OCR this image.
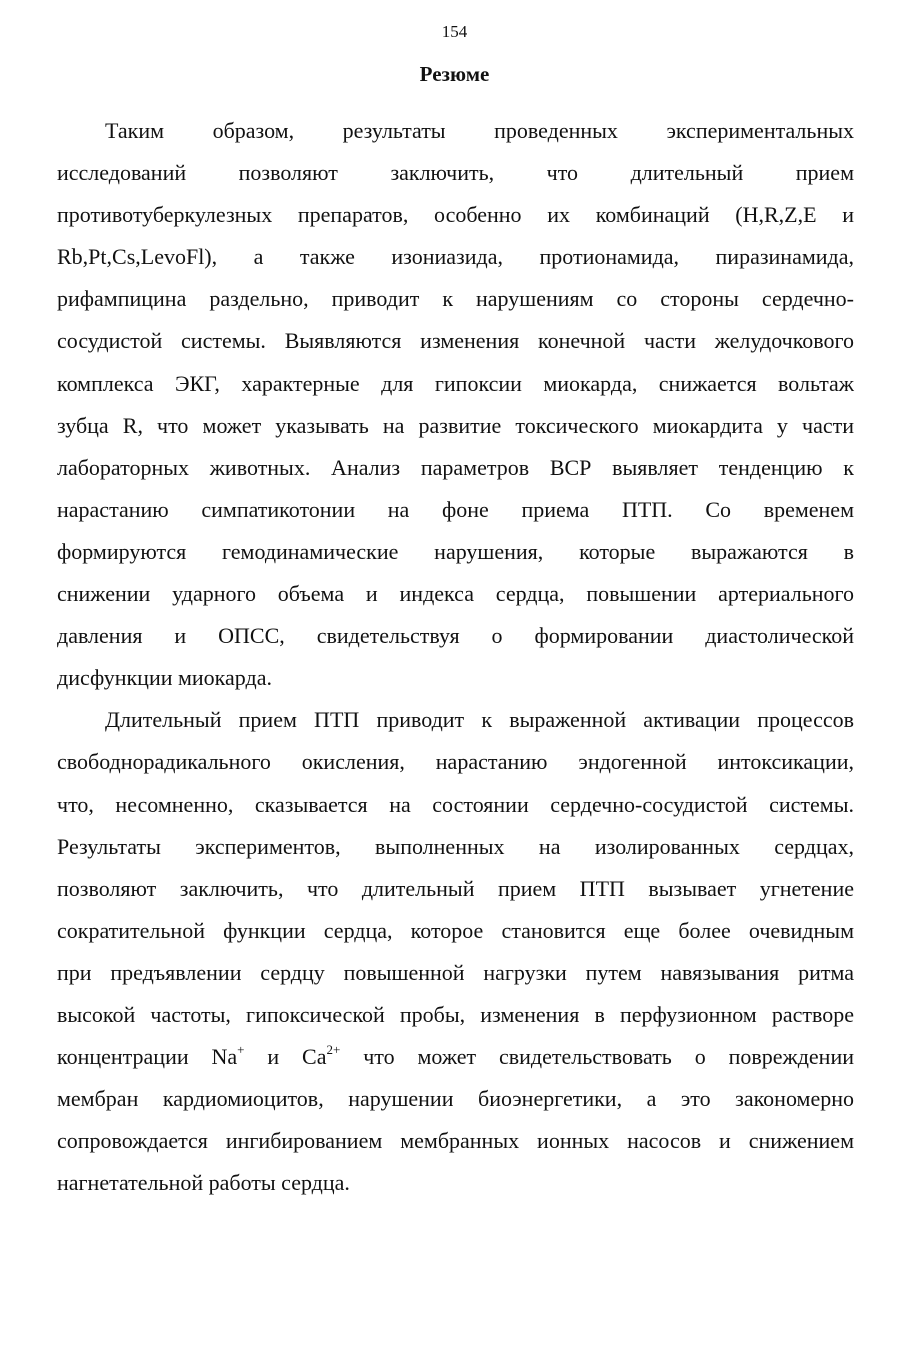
154
Резюме
Таким образом, результаты проведенных экспериментальных
исследований позволяют заключить, что длительный прием
противотуберкулезных препаратов, особенно их комбинаций (H,R,Z,E и
Rb,Pt,Cs,LevoFl), а также изониазида, протионамида, пиразинамида,
рифампицина раздельно, приводит к нарушениям со стороны сердечно-
сосудистой системы. Выявляются изменения конечной части желудочкового
комплекса ЭКГ, характерные для гипоксии миокарда, снижается вольтаж
зубца R, что может указывать на развитие токсического миокардита у части
лабораторных животных. Анализ параметров ВСР выявляет тенденцию к
нарастанию симпатикотонии на фоне приема ПТП. Со временем
формируются гемодинамические нарушения, которые выражаются в
снижении ударного объема и индекса сердца, повышении артериального
давления и ОПСС, свидетельствуя о формировании диастолической
дисфункции миокарда.
Длительный прием ПТП приводит к выраженной активации процессов
свободнорадикального окисления, нарастанию эндогенной интоксикации,
что, несомненно, сказывается на состоянии сердечно-сосудистой системы.
Результаты экспериментов, выполненных на изолированных сердцах,
позволяют заключить, что длительный прием ПТП вызывает угнетение
сократительной функции сердца, которое становится еще более очевидным
при предъявлении сердцу повышенной нагрузки путем навязывания ритма
высокой частоты, гипоксической пробы, изменения в перфузионном растворе
концентрации Na+ и $Ca^{2+}$ что может свидетельствовать о повреждении
мембран кардиомиоцитов, нарушении биоэнергетики, а это закономерно
сопровождается ингибированием мембранных ионных насосов и снижением
нагнетательной работы сердца.
